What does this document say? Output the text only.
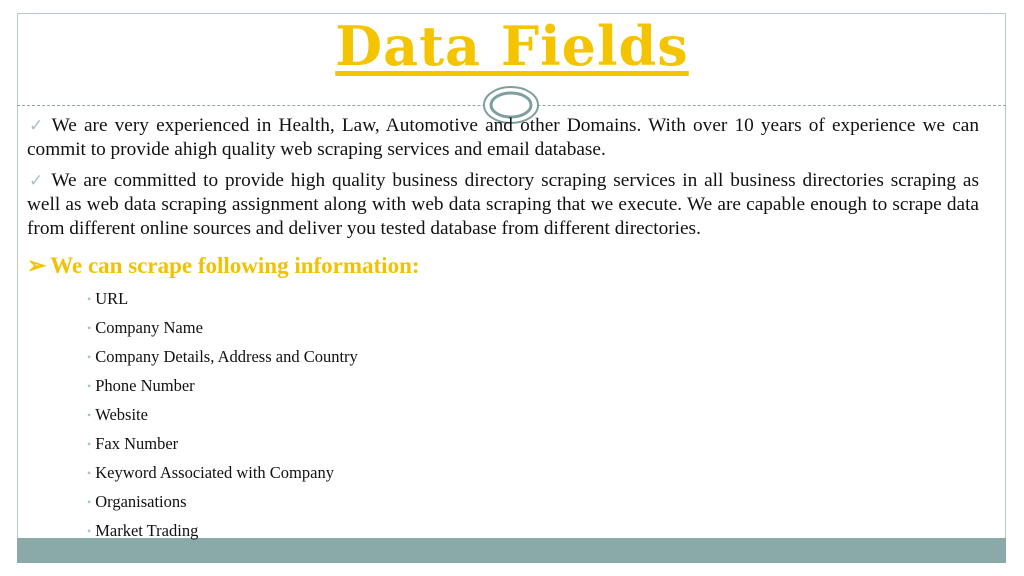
Data Fields

✓ We are very experienced in Health, Law, Automotive and other Domains. With over 10 years of experience we can commit to provide ahigh quality web scraping services and email database.

✓ We are committed to provide high quality business directory scraping services in all business directories scraping as well as web data scraping assignment along with web data scraping that we execute. We are capable enough to scrape data from different online sources and deliver you tested database from different directories.

➢ We can scrape following information:
• URL
• Company Name
• Company Details, Address and Country
• Phone Number
• Website
• Fax Number
• Keyword Associated with Company
• Organisations
• Market Trading
